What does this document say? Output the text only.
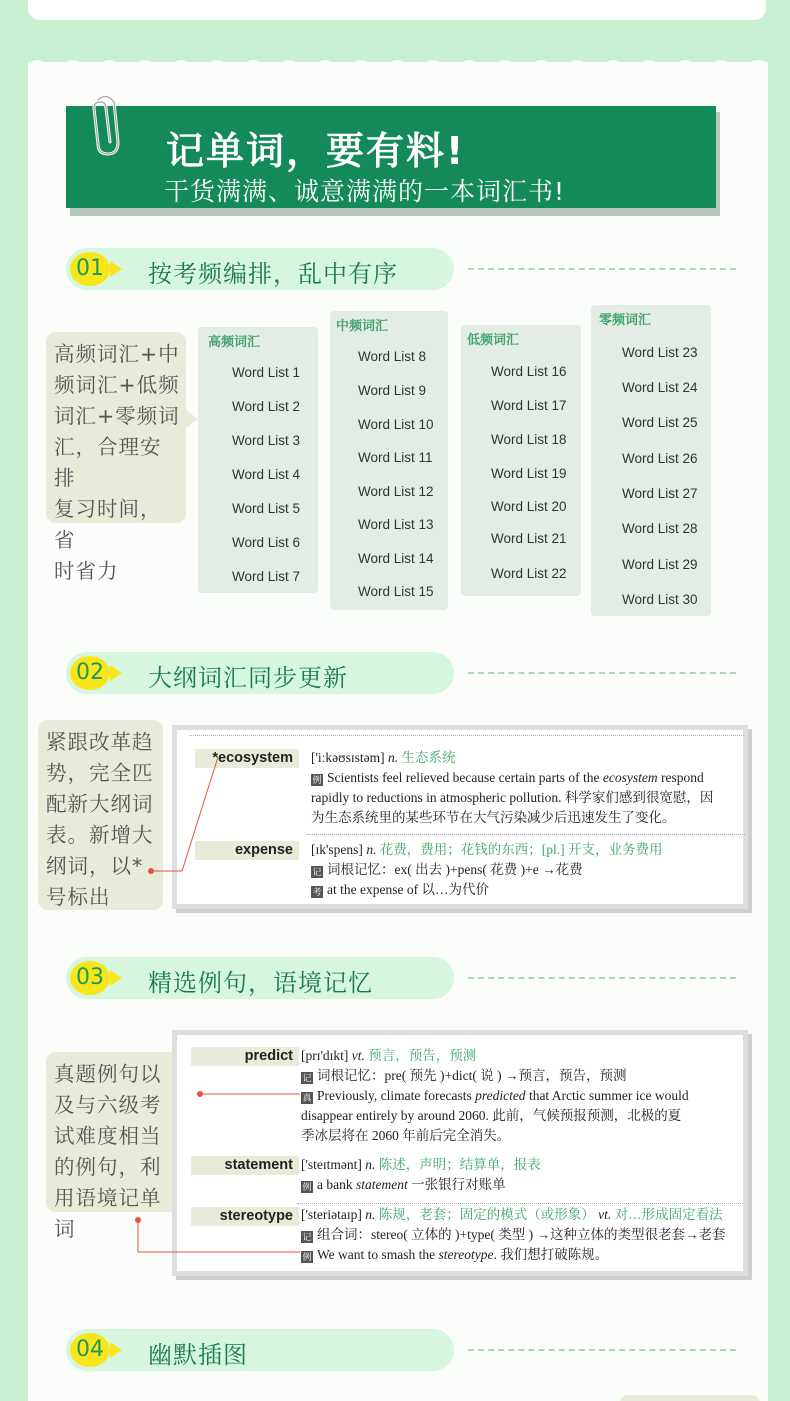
记单词，要有料!

干货满满、诚意满满的一本词汇书!

01 按考频编排，乱中有序
高频词汇+中
频词汇+低频
词汇+零频词
汇，合理安排
复习时间，省
时省力
高频词汇
Word List 1
Word List 2
Word List 3
Word List 4
Word List 5
Word List 6
Word List 7
中频词汇
Word List 8
Word List 9
Word List 10
Word List 11
Word List 12
Word List 13
Word List 14
Word List 15
低频词汇
Word List 16
Word List 17
Word List 18
Word List 19
Word List 20
Word List 21
Word List 22
零频词汇
Word List 23
Word List 24
Word List 25
Word List 26
Word List 27
Word List 28
Word List 29
Word List 30
02 大纲词汇同步更新
紧跟改革趋
势，完全匹
配新大纲词
表。新增大
纲词，以*
号标出
*ecosystem	['iːkəʊsɪstəm] n. 生态系统
例 Scientists feel relieved because certain parts of the ecosystem respond
rapidly to reductions in atmospheric pollution. 科学家们感到很宽慰，因
为生态系统里的某些环节在大气污染减少后迅速发生了变化。
expense	[ɪk'spens] n. 花费，费用；花钱的东西；[pl.] 开支，业务费用
记 词根记忆：ex( 出去 )+pens( 花费 )+e →花费
考 at the expense of 以…为代价
03 精选例句，语境记忆
真题例句以
及与六级考
试难度相当
的例句，利
用语境记单词
predict [prɪ'dɪkt] vt. 预言，预告，预测
记 词根记忆：pre( 预先 )+dict( 说 ) →预言，预告，预测
真 Previously, climate forecasts predicted that Arctic summer ice would
disappear entirely by around 2060. 此前，气候预报预测，北极的夏
季冰层将在 2060 年前后完全消失。
statement ['steɪtmənt] n. 陈述，声明；结算单，报表
例 a bank statement 一张银行对账单
stereotype ['steriətaɪp] n. 陈规，老套；固定的模式（或形象） vt. 对…形成固定看法
记 组合词：stereo( 立体的 )+type( 类型 ) →这种立体的类型很老套→老套
例 We want to smash the stereotype. 我们想打破陈规。
04 幽默插图
